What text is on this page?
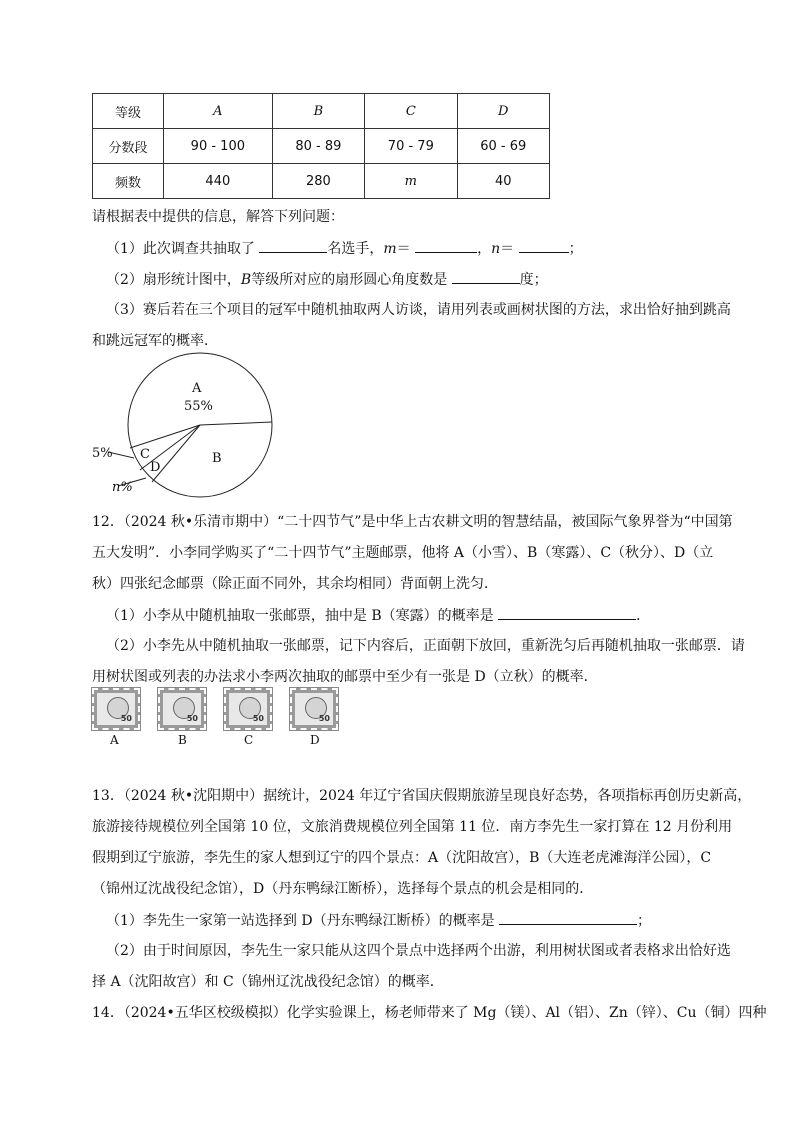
等级	A	B	C	D
分数段	90 - 100	80 - 89	70 - 79	60 - 69
频数	440	280	m	40
请根据表中提供的信息，解答下列问题：
（1）此次调查共抽取了	名选手，m＝	，n＝	；
（2）扇形统计图中，B等级所对应的扇形圆心角度数是	度；
（3）赛后若在三个项目的冠军中随机抽取两人访谈，请用列表或画树状图的方法，求出恰好抽到跳高
和跳远冠军的概率．
A
55%
B
C
D
5%
n%
12．（2024 秋•乐清市期中）“二十四节气”是中华上古农耕文明的智慧结晶，被国际气象界誉为“中国第
五大发明”．小李同学购买了“二十四节气”主题邮票，他将 A（小雪）、B（寒露）、C（秋分）、D（立
秋）四张纪念邮票（除正面不同外，其余均相同）背面朝上洗匀．
（1）小李从中随机抽取一张邮票，抽中是 B（寒露）的概率是	．
（2）小李先从中随机抽取一张邮票，记下内容后，正面朝下放回，重新洗匀后再随机抽取一张邮票．请
用树状图或列表的办法求小李两次抽取的邮票中至少有一张是 D（立秋）的概率．
50
A
50
B
50
C
50
D
13．（2024 秋•沈阳期中）据统计，2024 年辽宁省国庆假期旅游呈现良好态势，各项指标再创历史新高，
旅游接待规模位列全国第 10 位，文旅消费规模位列全国第 11 位．南方李先生一家打算在 12 月份利用
假期到辽宁旅游，李先生的家人想到辽宁的四个景点：A（沈阳故宫），B（大连老虎滩海洋公园），C
（锦州辽沈战役纪念馆），D（丹东鸭绿江断桥），选择每个景点的机会是相同的．
（1）李先生一家第一站选择到 D（丹东鸭绿江断桥）的概率是	；
（2）由于时间原因，李先生一家只能从这四个景点中选择两个出游，利用树状图或者表格求出恰好选
择 A（沈阳故宫）和 C（锦州辽沈战役纪念馆）的概率．
14．（2024•五华区校级模拟）化学实验课上，杨老师带来了 Mg（镁）、Al（铝）、Zn（锌）、Cu（铜）四种
